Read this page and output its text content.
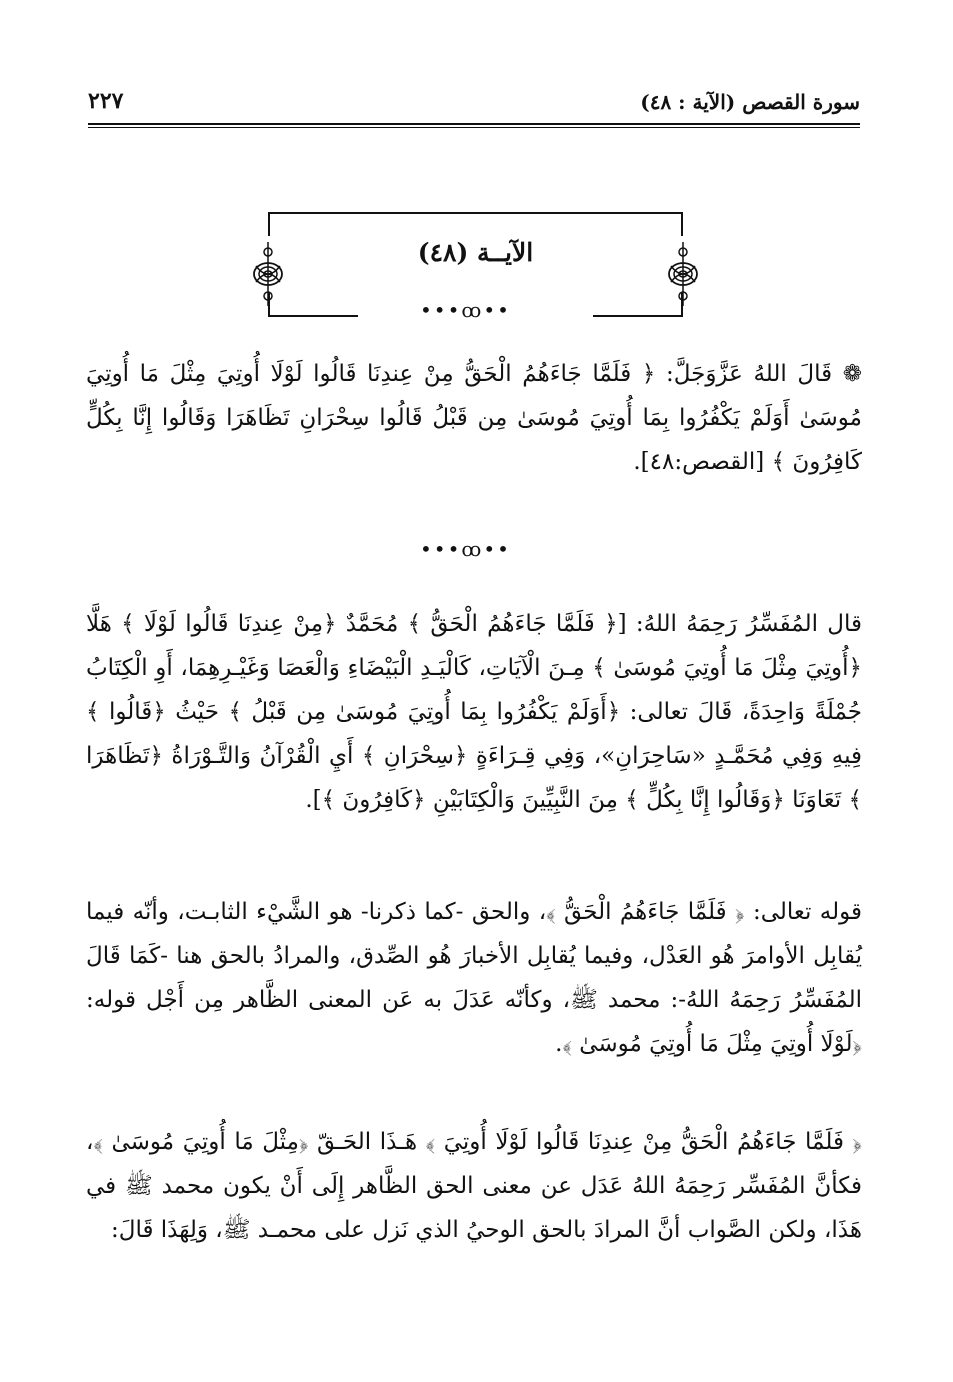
سورة القصص (الآية : ٤٨)
٢٢٧
الآيــة (٤٨)
•••ꝏ••
❁ قَالَ اللهُ عَزَّوَجَلَّ: ﴿ فَلَمَّا جَاءَهُمُ الْحَقُّ مِنْ عِندِنَا قَالُوا لَوْلَا أُوتِيَ مِثْلَ مَا أُوتِيَ مُوسَىٰ أَوَلَمْ يَكْفُرُوا بِمَا أُوتِيَ مُوسَىٰ مِن قَبْلُ قَالُوا سِحْرَانِ تَظَاهَرَا وَقَالُوا إِنَّا بِكُلٍّ كَافِرُونَ ﴾ [القصص:٤٨].
•••ꝏ••
قال المُفَسِّرُ رَحِمَهُ اللهُ: [﴿ فَلَمَّا جَاءَهُمُ الْحَقُّ ﴾ مُحَمَّدٌ ﴿مِنْ عِندِنَا قَالُوا لَوْلَا ﴾ هَلَّا ﴿أُوتِيَ مِثْلَ مَا أُوتِيَ مُوسَىٰ ﴾ مِـنَ الْآيَاتِ، كَالْيَـدِ الْبَيْضَاءِ وَالْعَصَا وَغَيْـرِهِمَا، أَوِ الْكِتَابُ جُمْلَةً وَاحِدَةً، قَالَ تعالى: ﴿أَوَلَمْ يَكْفُرُوا بِمَا أُوتِيَ مُوسَىٰ مِن قَبْلُ ﴾ حَيْثُ ﴿قَالُوا ﴾ فِيهِ وَفِي مُحَمَّـدٍ «سَاحِرَانِ»، وَفِي قِـرَاءَةٍ ﴿سِحْرَانِ ﴾ أَيِ الْقُرْآنُ وَالتَّـوْرَاةُ ﴿تَظَاهَرَا ﴾ تَعَاوَنَا ﴿وَقَالُوا إِنَّا بِكُلٍّ ﴾ مِنَ النَّبِيِّينَ وَالْكِتَابَيْنِ ﴿كَافِرُونَ ﴾].
قوله تعالى: ﴿ فَلَمَّا جَاءَهُمُ الْحَقُّ ﴾، والحق -كما ذكرنا- هو الشَّيْء الثابـت، وأنّه فيما يُقابِل الأوامرَ هُو العَدْل، وفيما يُقابِل الأخبارَ هُو الصِّدق، والمرادُ بالحق هنا -كَمَا قَالَ المُفَسِّرُ رَحِمَهُ اللهُ-: محمد ﷺ، وكأنّه عَدَلَ به عَن المعنى الظَّاهر مِن أَجْل قوله: ﴿لَوْلَا أُوتِيَ مِثْلَ مَا أُوتِيَ مُوسَىٰ ﴾.
﴿ فَلَمَّا جَاءَهُمُ الْحَقُّ مِنْ عِندِنَا قَالُوا لَوْلَا أُوتِيَ ﴾ هَـذَا الحَـقّ ﴿مِثْلَ مَا أُوتِيَ مُوسَىٰ ﴾، فكأنَّ المُفَسِّر رَحِمَهُ اللهُ عَدَل عن معنى الحق الظَّاهر إِلَى أَنْ يكون محمد ﷺ في هَذَا، ولكن الصَّواب أنَّ المرادَ بالحق الوحيُ الذي نَزل على محمـد ﷺ، وَلِهَذَا قَالَ:
